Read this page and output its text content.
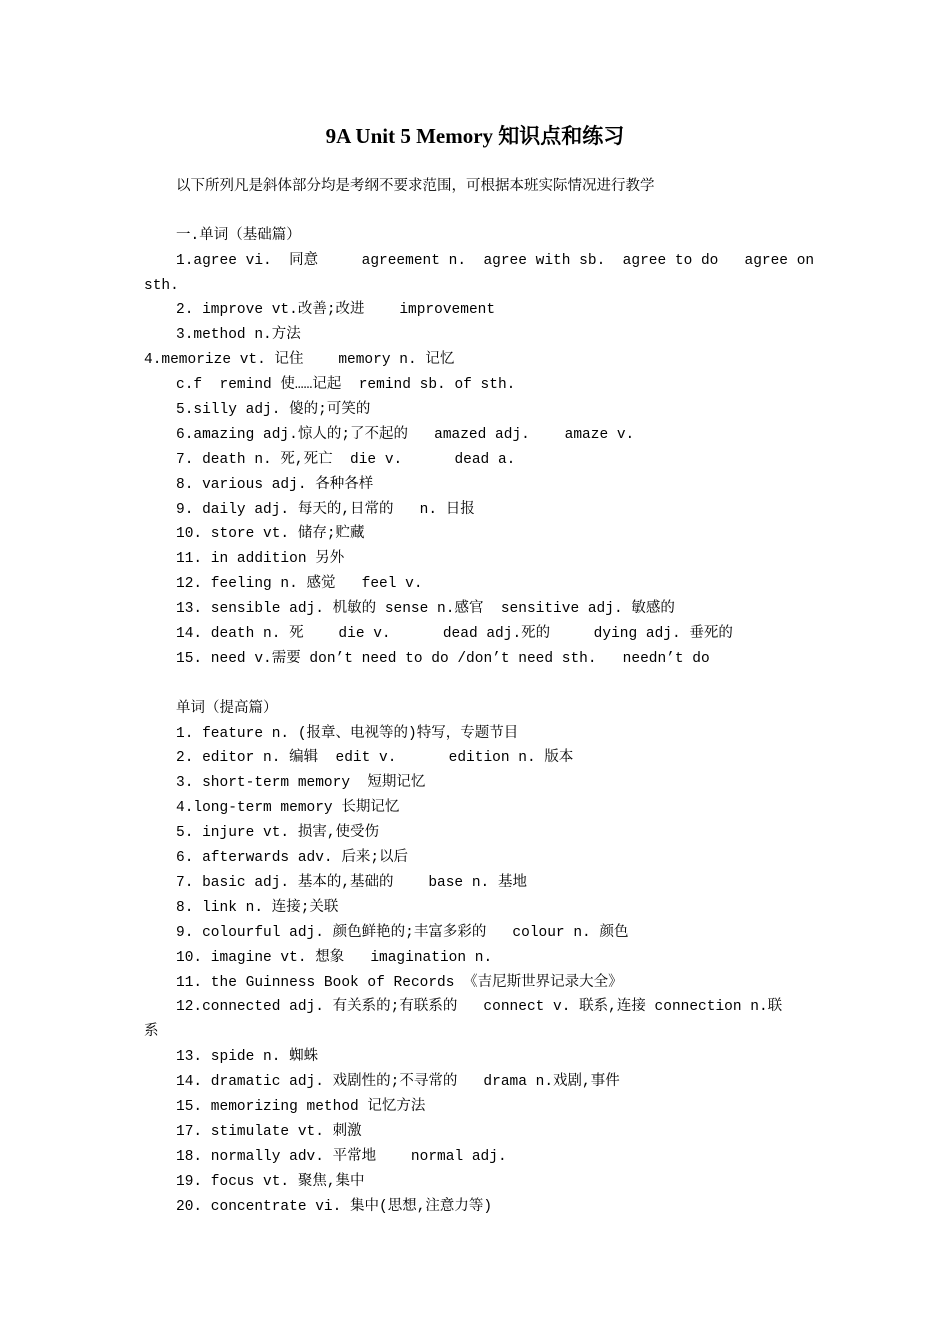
9A Unit 5 Memory 知识点和练习
以下所列凡是斜体部分均是考纲不要求范围，可根据本班实际情况进行教学
一.单词（基础篇）
1.agree vi.  同意     agreement n.  agree with sb.  agree to do   agree on
sth.
2. improve vt.改善;改进    improvement
3.method n.方法
4.memorize vt. 记住    memory n. 记忆
c.f  remind 使……记起  remind sb. of sth.
5.silly adj. 傻的;可笑的
6.amazing adj.惊人的;了不起的   amazed adj.    amaze v.
7. death n. 死,死亡  die v.      dead a.
8. various adj. 各种各样
9. daily adj. 每天的,日常的   n. 日报
10. store vt. 储存;贮藏
11. in addition 另外
12. feeling n. 感觉   feel v.
13. sensible adj. 机敏的 sense n.感官  sensitive adj. 敏感的
14. death n. 死    die v.      dead adj.死的     dying adj. 垂死的
15. need v.需要 don’t need to do /don’t need sth.   needn’t do
单词（提高篇）
1. feature n. (报章、电视等的)特写，专题节目
2. editor n. 编辑  edit v.      edition n. 版本
3. short-term memory  短期记忆
4.long-term memory 长期记忆
5. injure vt. 损害,使受伤
6. afterwards adv. 后来;以后
7. basic adj. 基本的,基础的    base n. 基地
8. link n. 连接;关联
9. colourful adj. 颜色鲜艳的;丰富多彩的   colour n. 颜色
10. imagine vt. 想象   imagination n.
11. the Guinness Book of Records 《吉尼斯世界记录大全》
12.connected adj. 有关系的;有联系的   connect v. 联系,连接 connection n.联
系
13. spide n. 蜘蛛
14. dramatic adj. 戏剧性的;不寻常的   drama n.戏剧,事件
15. memorizing method 记忆方法
17. stimulate vt. 刺激
18. normally adv. 平常地    normal adj.
19. focus vt. 聚焦,集中
20. concentrate vi. 集中(思想,注意力等)
